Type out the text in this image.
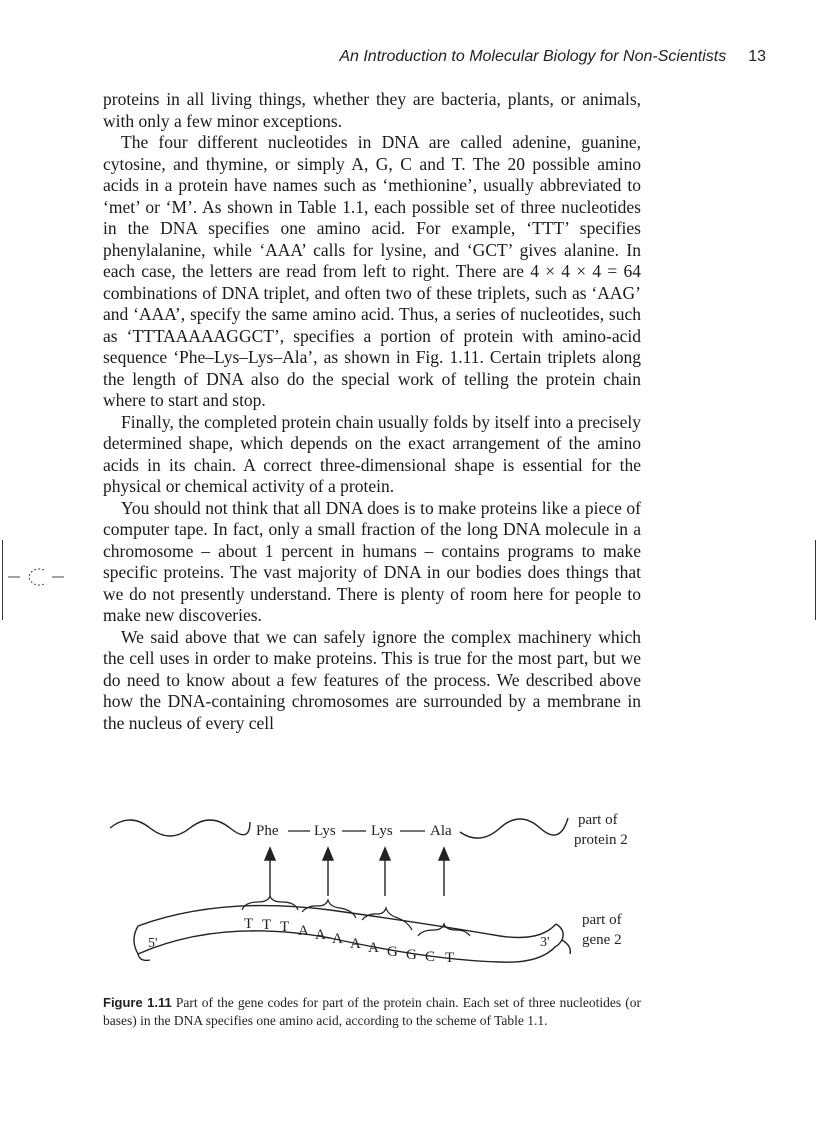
An Introduction to Molecular Biology for Non-Scientists 13

proteins in all living things, whether they are bacteria, plants, or animals, with only a few minor exceptions.

The four different nucleotides in DNA are called adenine, guanine, cytosine, and thymine, or simply A, G, C and T. The 20 possible amino acids in a protein have names such as ‘methionine’, usually abbreviated to ‘met’ or ‘M’. As shown in Table 1.1, each possible set of three nucleotides in the DNA specifies one amino acid. For example, ‘TTT’ specifies phenylalanine, while ‘AAA’ calls for lysine, and ‘GCT’ gives alanine. In each case, the letters are read from left to right. There are 4 × 4 × 4 = 64 combinations of DNA triplet, and often two of these triplets, such as ‘AAG’ and ‘AAA’, specify the same amino acid. Thus, a series of nucleotides, such as ‘TTTAAAAAGGCT’, specifies a portion of protein with amino-acid sequence ‘Phe–Lys–Lys–Ala’, as shown in Fig. 1.11. Certain triplets along the length of DNA also do the special work of telling the protein chain where to start and stop.

Finally, the completed protein chain usually folds by itself into a precisely determined shape, which depends on the exact arrangement of the amino acids in its chain. A correct three-dimensional shape is essential for the physical or chemical activity of a protein.

You should not think that all DNA does is to make proteins like a piece of computer tape. In fact, only a small fraction of the long DNA molecule in a chromosome – about 1 percent in humans – contains programs to make specific proteins. The vast majority of DNA in our bodies does things that we do not presently understand. There is plenty of room here for people to make new discoveries.

We said above that we can safely ignore the complex machinery which the cell uses in order to make proteins. This is true for the most part, but we do need to know about a few features of the process. We described above how the DNA-containing chromosomes are surrounded by a membrane in the nucleus of every cell

Phe Lys Lys Ala
part of
protein 2
5'	3'
T T T A A A A A G G C T
part of
gene 2
Figure 1.11 Part of the gene codes for part of the protein chain. Each set of three nucleotides (or bases) in the DNA specifies one amino acid, according to the scheme of Table 1.1.
